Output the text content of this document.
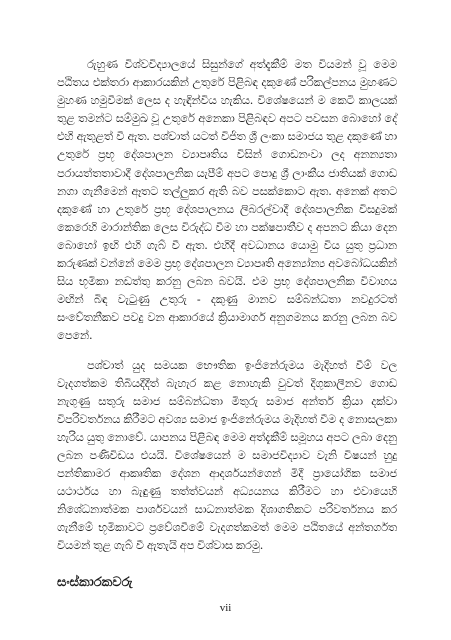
රුහුණ විශ්වවිද්‍යාලයේ සිසුන්ගේ අත්දැකීම් මත වියමන් වූ මෙම පඨිතය එක්තරා ආකාරයකින් උතුරේ පිළිබඳ දකුණේ පරිකල්පනය මුහණට මුහණ හමුවීමක් ලෙස ද හැඳින්විය හැකිය. විශේෂයෙන් ම කෙටි කාලයක් තුළ තමන්ට සම්මුඛ වූ උතුරේ අනෙකා පිළිබඳව අපට පවසන බොහෝ දේ එහි ඇතුළත් වී ඇත. පශ්චාත් යටත් විජිත ශ්‍රී ලංකා සමාජය තුළ දකුණේ හා උතුරේ ප්‍රභූ දේශපාලන ව්‍යාපෘතිය විසින් ගොඩනංවා ලද අනන්‍යතා පරායත්තතාවාදී දේශපාලනික යැපීම් අපට පොදු ශ්‍රී ලාංකීය ජාතියක් ගොඩ නගා ගැනීමෙන් ඈතට තල්ලුකර ඇති බව පසක්කොට ඇත. අනෙක් අතට දකුණේ හා උතුරේ ප්‍රභූ දේශපාලනය ලිබරල්වාදී දේශපාලනික විසදුමක් කෙරෙහි මාරාන්තික ලෙස විරුද්ධ වීම හා පක්ෂපාතීව ද අපනට කියා දෙන බොහෝ ඉඟි එහි ගැබ් වී ඇත. එහිදී අවධානය යොමු විය යුතු ප්‍රධාන කරුණක් වන්නේ මෙම ප්‍රභූ දේශපාලන ව්‍යාපෘති අන්‍යෝන්‍ය අවබෝධයකින් සිය භූමිකා නඩත්තු කරනු ලබන බවයි. එම ප්‍රභූ දේශපාලනික විවාහය මඟින් බිඳ වැටුණු උතුරු - දකුණු මානව සම්බන්ධතා නවදුරටත් සංවේතනීකව පවදු වන ආකාරයේ ක්‍රියාමාර්ග අනුගමනය කරනු ලබන බව පෙනේ.

පශ්චාත් යුද සමයක භෞතික ඉංජිනේරුමය මැදිහත් වීම් වල වැදගත්කම තිබියදීදීත් බැහැර කළ නොහැකි වුවත් දිගුකාලීනව ගොඩ නැගුණු සතුරු සමාජ සම්බන්ධතා මිතුරු සමාජ අන්තර් ක්‍රියා දක්වා විපරිවර්තනය කිරීමට අවශ්‍ය සමාජ ඉංජිනේරුමය මැදිහත් වීම ද නොසලකා හැරිය යුතු නොවේ. යාපනය පිළිබඳ මෙම අත්දැකීම් සමූහය අපට ලබා දෙනු ලබන පණිවිඩය එයයි. විශේෂයෙන් ම සමාජවිද්‍යාව වැනි විෂයන් හුදු පන්තිකාමර ආකෘතික දේශන ආදර්ශයන්ගෙන් මිදී ප්‍රායෝගික සමාජ යථාර්ථය හා බැඳුණු තත්ත්වයන් අධ්‍යයනය කිරීමට හා එවායෙහි නිශේධනාත්මක පාර්ශවයන් සාධනාත්මක දිශාගතිකට පරිවර්තනය කර ගැනීමේ භූමිකාවට ප්‍රවේශවීමේ වැදගත්කමත් මෙම පඨිතයේ අන්තර්ගත වියමන් තුළ ගැබ් වී ඇතැයි අප විශ්වාස කරමු.

සංස්කාරකවරු
vii
